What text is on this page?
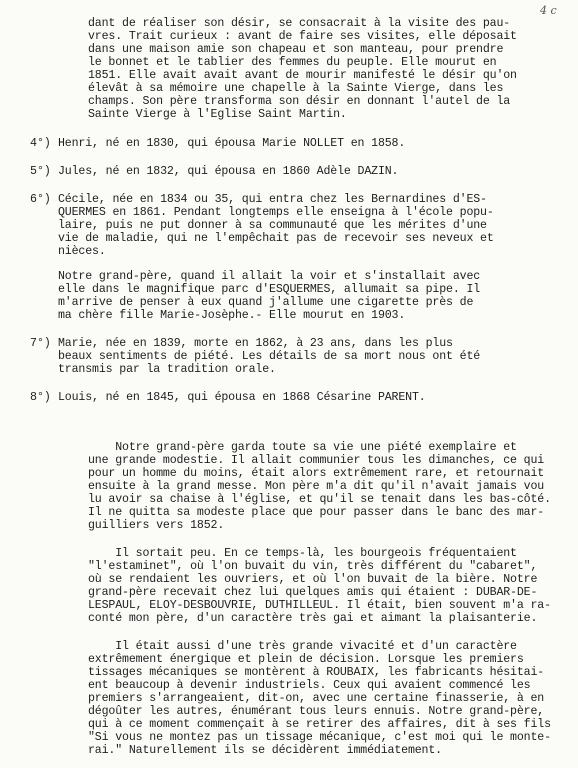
4 c
dant de réaliser son désir, se consacrait à la visite des pau-
vres. Trait curieux : avant de faire ses visites, elle déposait
dans une maison amie son chapeau et son manteau, pour prendre
le bonnet et le tablier des femmes du peuple. Elle mourut en
1851. Elle avait avait avant de mourir manifesté le désir qu'on
élevât à sa mémoire une chapelle à la Sainte Vierge, dans les
champs. Son père transforma son désir en donnant l'autel de la
Sainte Vierge à l'Eglise Saint Martin.
4°) Henri, né en 1830, qui épousa Marie NOLLET en 1858.
5°) Jules, né en 1832, qui épousa en 1860 Adèle DAZIN.
6°) Cécile, née en 1834 ou 35, qui entra chez les Bernardines d'ES-
QUERMES en 1861. Pendant longtemps elle enseigna à l'école popu-
laire, puis ne put donner à sa communauté que les mérites d'une
vie de maladie, qui ne l'empêchait pas de recevoir ses neveux et
nièces.
Notre grand-père, quand il allait la voir et s'installait avec
elle dans le magnifique parc d'ESQUERMES, allumait sa pipe. Il
m'arrive de penser à eux quand j'allume une cigarette près de
ma chère fille Marie-Josèphe.- Elle mourut en 1903.
7°) Marie, née en 1839, morte en 1862, à 23 ans, dans les plus
beaux sentiments de piété. Les détails de sa mort nous ont été
transmis par la tradition orale.
8°) Louis, né en 1845, qui épousa en 1868 Césarine PARENT.
Notre grand-père garda toute sa vie une piété exemplaire et
une grande modestie. Il allait communier tous les dimanches, ce qui
pour un homme du moins, était alors extrêmement rare, et retournait
ensuite à la grand messe. Mon père m'a dit qu'il n'avait jamais vou
lu avoir sa chaise à l'église, et qu'il se tenait dans les bas-côté.
Il ne quitta sa modeste place que pour passer dans le banc des mar-
guilliers vers 1852.
Il sortait peu. En ce temps-là, les bourgeois fréquentaient
"l'estaminet", où l'on buvait du vin, très différent du "cabaret",
où se rendaient les ouvriers, et où l'on buvait de la bière. Notre
grand-père recevait chez lui quelques amis qui étaient : DUBAR-DE-
LESPAUL, ELOY-DESBOUVRIE, DUTHILLEUL. Il était, bien souvent m'a ra-
conté mon père, d'un caractère très gai et aimant la plaisanterie.
Il était aussi d'une très grande vivacité et d'un caractère
extrêmement énergique et plein de décision. Lorsque les premiers
tissages mécaniques se montèrent à ROUBAIX, les fabricants hésitai-
ent beaucoup à devenir industriels. Ceux qui avaient commencé les
premiers s'arrangeaient, dit-on, avec une certaine finasserie, à en
dégoûter les autres, énumérant tous leurs ennuis. Notre grand-père,
qui à ce moment commençait à se retirer des affaires, dit à ses fils
"Si vous ne montez pas un tissage mécanique, c'est moi qui le monte-
rai." Naturellement ils se décidèrent immédiatement.
